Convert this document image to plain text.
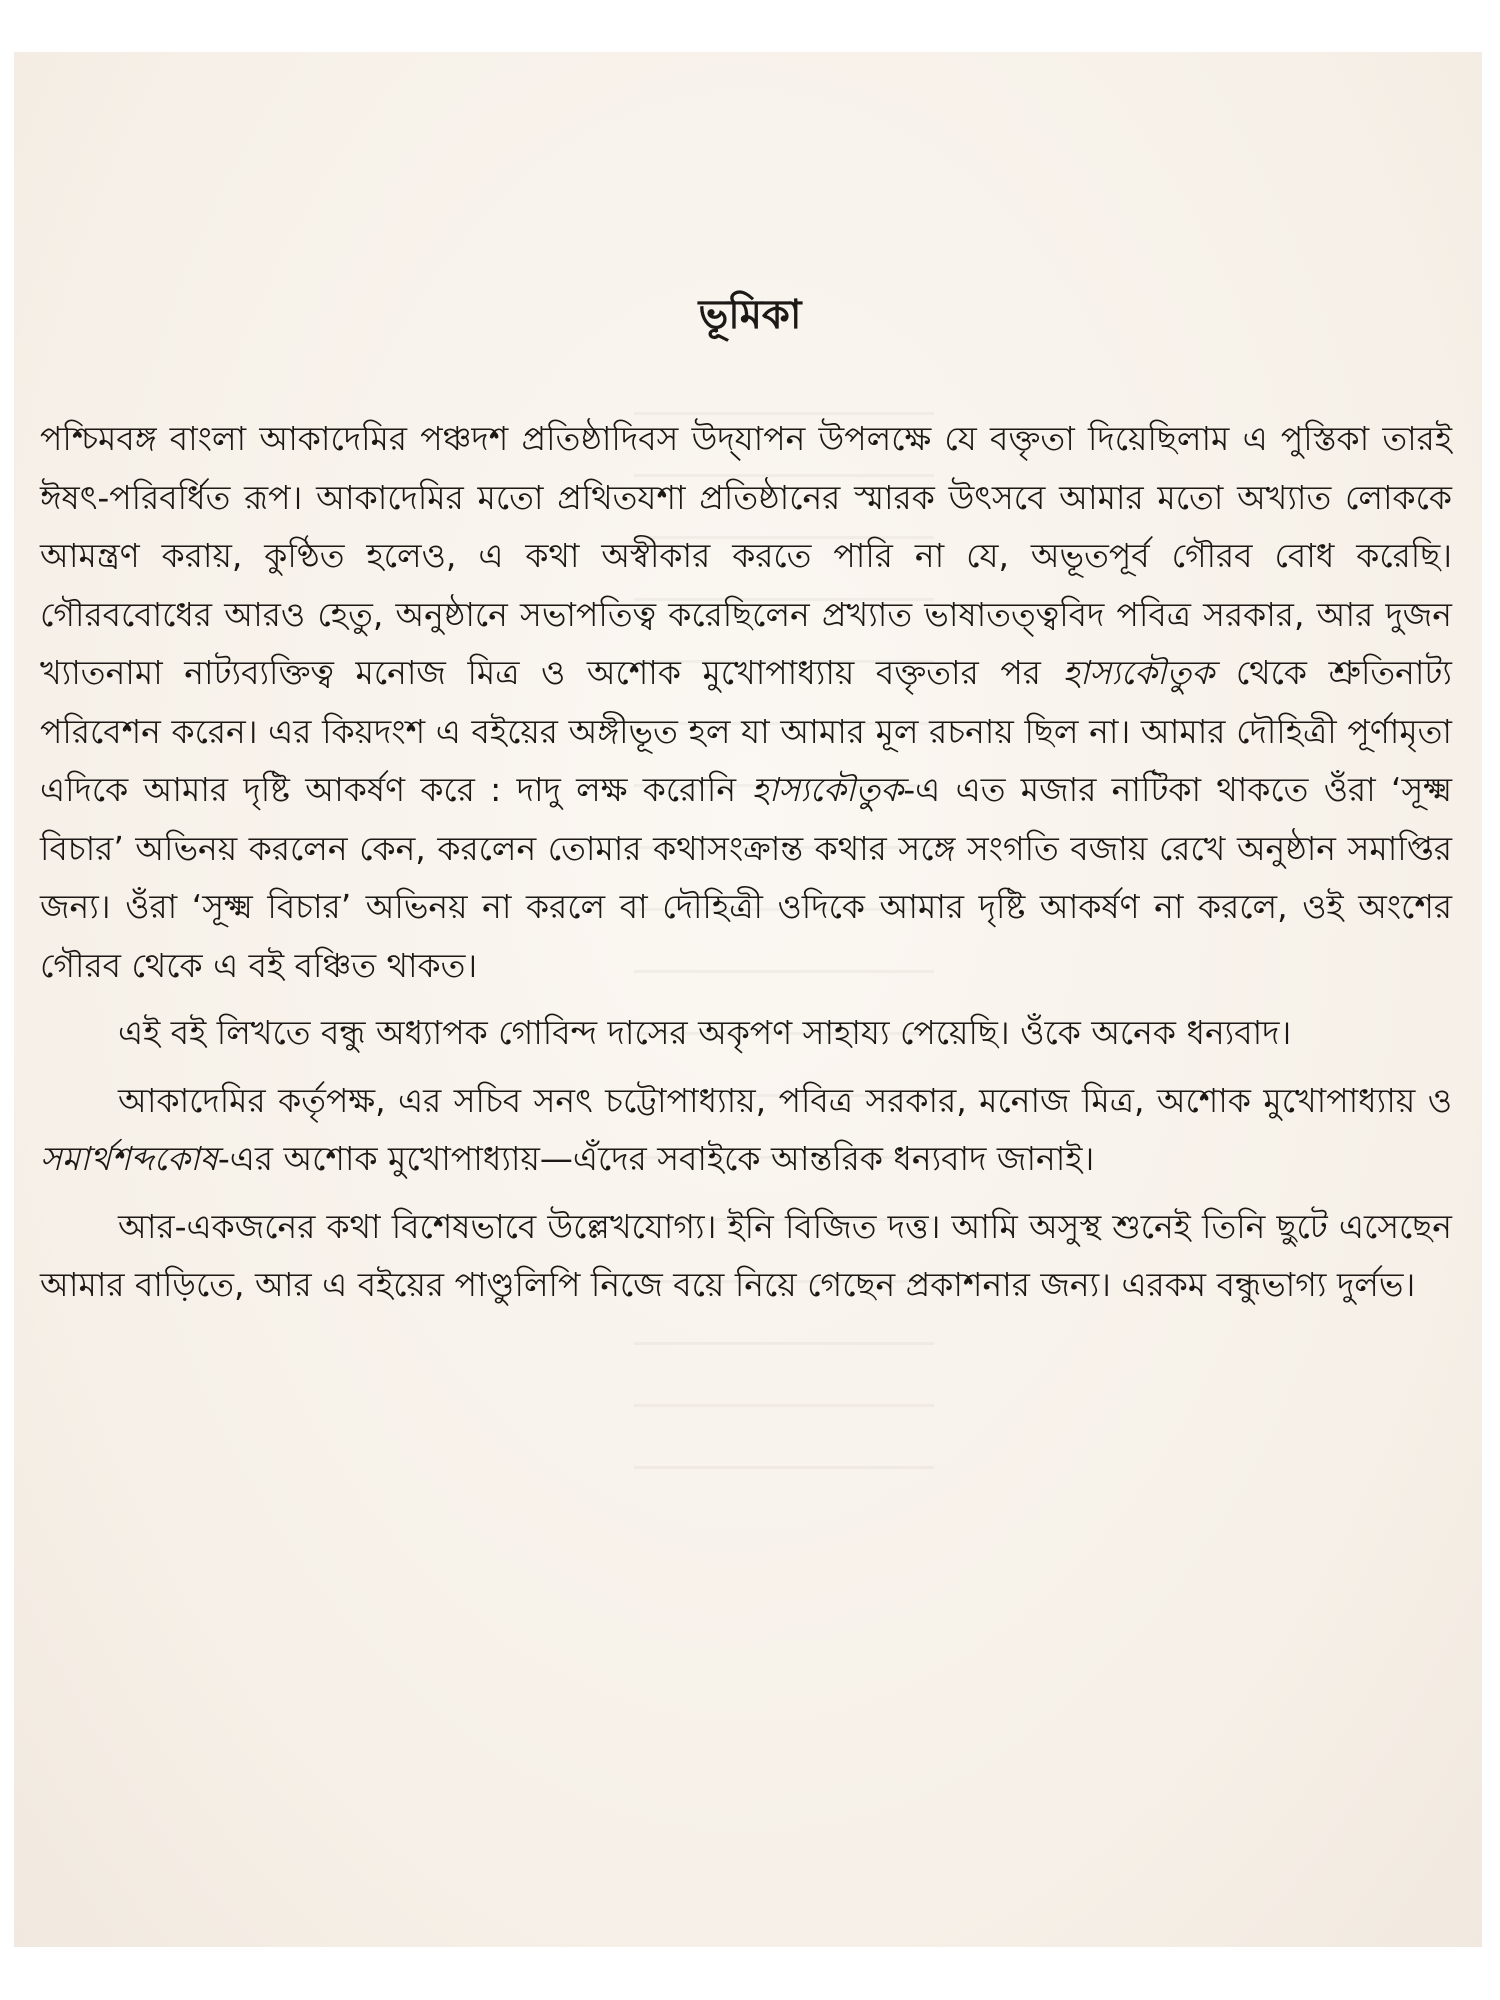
ভূমিকা

পশ্চিমবঙ্গ বাংলা আকাদেমির পঞ্চদশ প্রতিষ্ঠাদিবস উদ্‌যাপন উপলক্ষে যে বক্তৃতা দিয়েছিলাম এ পুস্তিকা তারই ঈষৎ-পরিবর্ধিত রূপ। আকাদেমির মতো প্রথিতযশা প্রতিষ্ঠানের স্মারক উৎসবে আমার মতো অখ্যাত লোককে আমন্ত্রণ করায়, কুণ্ঠিত হলেও, এ কথা অস্বীকার করতে পারি না যে, অভূতপূর্ব গৌরব বোধ করেছি। গৌরববোধের আরও হেতু, অনুষ্ঠানে সভাপতিত্ব করেছিলেন প্রখ্যাত ভাষাতত্ত্ববিদ পবিত্র সরকার, আর দুজন খ্যাতনামা নাট্যব্যক্তিত্ব মনোজ মিত্র ও অশোক মুখোপাধ্যায় বক্তৃতার পর হাস্যকৌতুক থেকে শ্রুতিনাট্য পরিবেশন করেন। এর কিয়দংশ এ বইয়ের অঙ্গীভূত হল যা আমার মূল রচনায় ছিল না। আমার দৌহিত্রী পূর্ণামৃতা এদিকে আমার দৃষ্টি আকর্ষণ করে : দাদু লক্ষ করোনি হাস্যকৌতুক-এ এত মজার নাটিকা থাকতে ওঁরা ‘সূক্ষ্ম বিচার’ অভিনয় করলেন কেন, করলেন তোমার কথাসংক্রান্ত কথার সঙ্গে সংগতি বজায় রেখে অনুষ্ঠান সমাপ্তির জন্য। ওঁরা ‘সূক্ষ্ম বিচার’ অভিনয় না করলে বা দৌহিত্রী ওদিকে আমার দৃষ্টি আকর্ষণ না করলে, ওই অংশের গৌরব থেকে এ বই বঞ্চিত থাকত।

এই বই লিখতে বন্ধু অধ্যাপক গোবিন্দ দাসের অকৃপণ সাহায্য পেয়েছি। ওঁকে অনেক ধন্যবাদ।

আকাদেমির কর্তৃপক্ষ, এর সচিব সনৎ চট্টোপাধ্যায়, পবিত্র সরকার, মনোজ মিত্র, অশোক মুখোপাধ্যায় ও সমার্থশব্দকোষ-এর অশোক মুখোপাধ্যায়—এঁদের সবাইকে আন্তরিক ধন্যবাদ জানাই।

আর-একজনের কথা বিশেষভাবে উল্লেখযোগ্য। ইনি বিজিত দত্ত। আমি অসুস্থ শুনেই তিনি ছুটে এসেছেন আমার বাড়িতে, আর এ বইয়ের পাণ্ডুলিপি নিজে বয়ে নিয়ে গেছেন প্রকাশনার জন্য। এরকম বন্ধুভাগ্য দুর্লভ।
